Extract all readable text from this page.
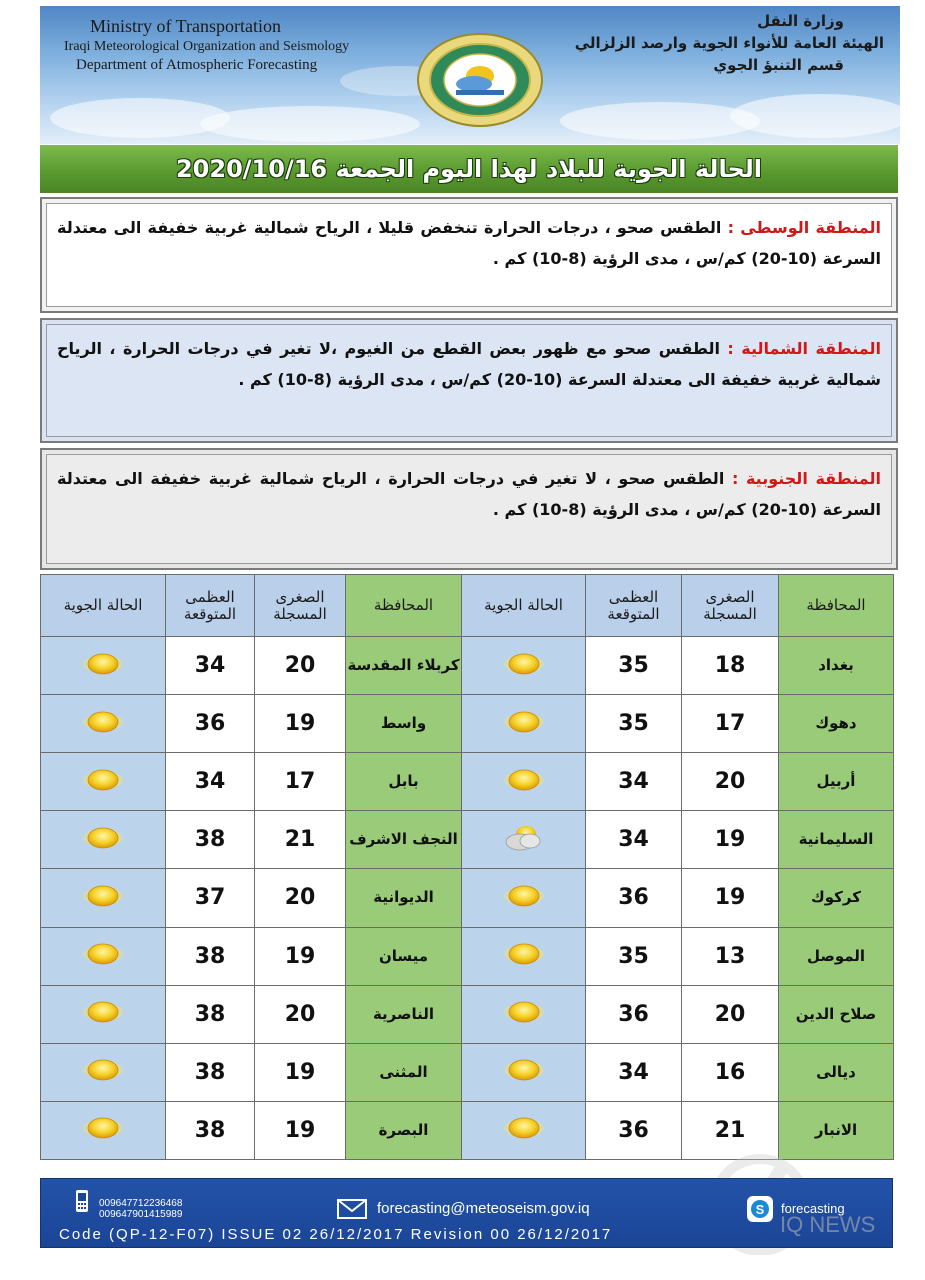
Ministry of Transportation
Iraqi Meteorological Organization and Seismology
Department of Atmospheric Forecasting
وزارة النقل
الهيئة العامة للأنواء الجوية وارصد الزلزالي
قسم التنبؤ الجوي
الحالة الجوية للبلاد لهذا اليوم الجمعة 2020/10/16
المنطقة الوسطى : الطقس صحو ، درجات الحرارة تنخفض قليلا ، الرياح شمالية غربية خفيفة الى معتدلة السرعة (10-20) كم/س ، مدى الرؤية (8-10) كم .
المنطقة الشمالية : الطقس صحو مع ظهور بعض القطع من الغيوم ،لا تغير في درجات الحرارة ، الرياح شمالية غربية خفيفة الى معتدلة السرعة (10-20) كم/س ، مدى الرؤية (8-10) كم .
المنطقة الجنوبية : الطقس صحو ، لا تغير في درجات الحرارة ، الرياح شمالية غربية خفيفة الى معتدلة السرعة (10-20) كم/س ، مدى الرؤية (8-10) كم .
المحافظة	الصغرى المسجلة	العظمى المتوقعة	الحالة الجوية	المحافظة	الصغرى المسجلة	العظمى المتوقعة	الحالة الجوية
بغداد	18	35		كربلاء المقدسة	20	34	
دهوك	17	35		واسط	19	36	
أربيل	20	34		بابل	17	34	
السليمانية	19	34		النجف الاشرف	21	38	
كركوك	19	36		الديوانية	20	37	
الموصل	13	35		ميسان	19	38	
صلاح الدين	20	36		الناصرية	20	38	
ديالى	16	34		المثنى	19	38	
الانبار	21	36		البصرة	19	38	
009647712236468
009647901415989	forecasting@meteoseism.gov.iq	S forecasting
Code (QP-12-F07) ISSUE 02 26/12/2017 Revision 00 26/12/2017	IQ NEWS
